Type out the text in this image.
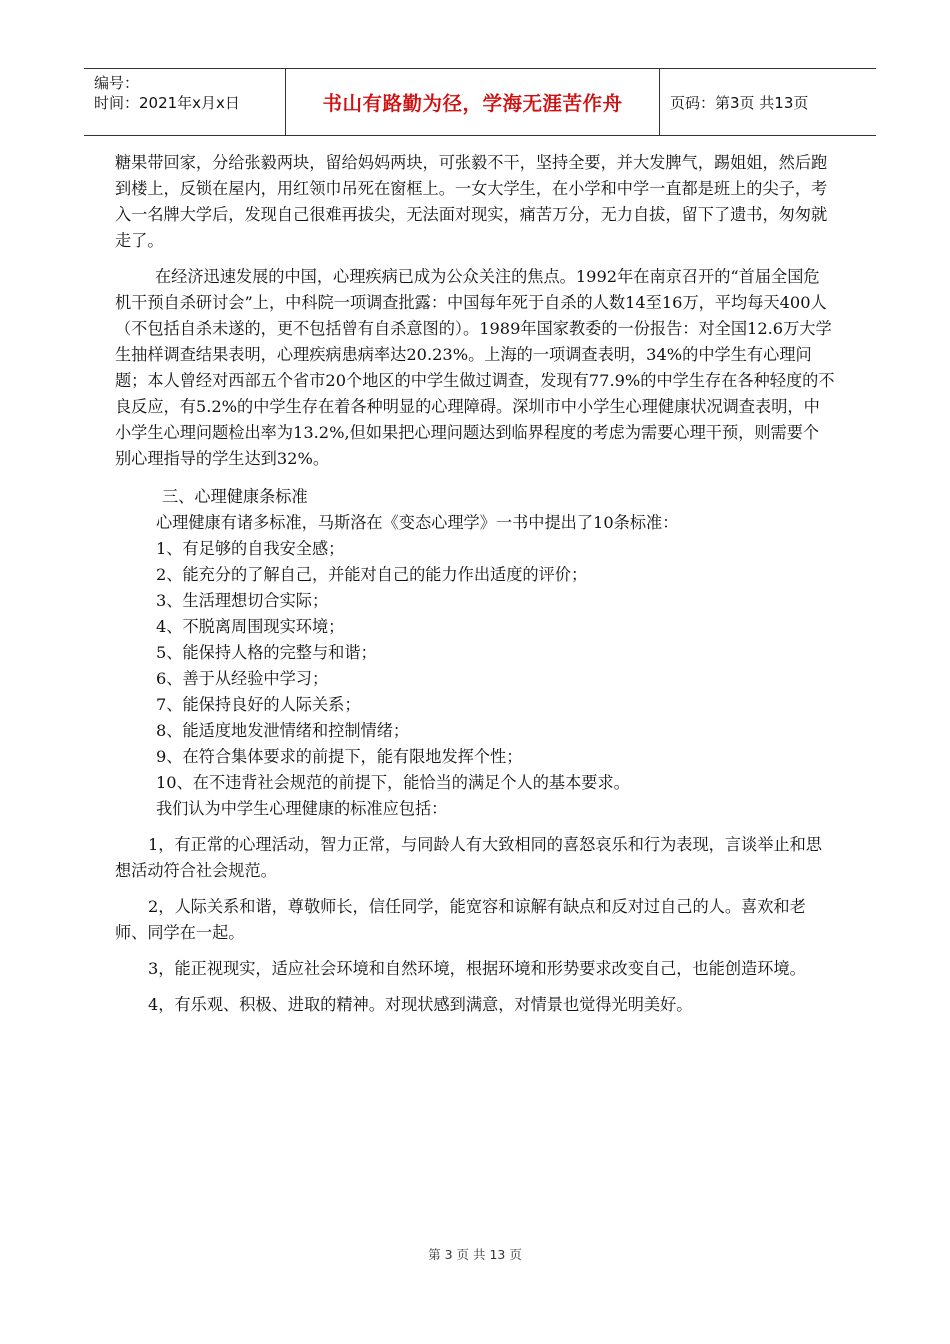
编号：
时间：2021年x月x日	书山有路勤为径，学海无涯苦作舟	页码：第3页 共13页

糖果带回家，分给张毅两块，留给妈妈两块，可张毅不干，坚持全要，并大发脾气，踢姐姐，然后跑到楼上，反锁在屋内，用红领巾吊死在窗框上。一女大学生，在小学和中学一直都是班上的尖子，考入一名牌大学后，发现自己很难再拔尖，无法面对现实，痛苦万分，无力自拔，留下了遗书，匆匆就走了。

在经济迅速发展的中国，心理疾病已成为公众关注的焦点。1992年在南京召开的“首届全国危机干预自杀研讨会”上，中科院一项调查批露：中国每年死于自杀的人数14至16万，平均每天400人（不包括自杀未遂的，更不包括曾有自杀意图的）。1989年国家教委的一份报告：对全国12.6万大学生抽样调查结果表明，心理疾病患病率达20.23%。上海的一项调查表明，34%的中学生有心理问题；本人曾经对西部五个省市20个地区的中学生做过调查，发现有77.9%的中学生存在各种轻度的不良反应，有5.2%的中学生存在着各种明显的心理障碍。深圳市中小学生心理健康状况调查表明，中小学生心理问题检出率为13.2%,但如果把心理问题达到临界程度的考虑为需要心理干预，则需要个别心理指导的学生达到32%。

三、心理健康条标准

心理健康有诸多标准，马斯洛在《变态心理学》一书中提出了10条标准：

1、有足够的自我安全感；

2、能充分的了解自己，并能对自己的能力作出适度的评价；

3、生活理想切合实际；

4、不脱离周围现实环境；

5、能保持人格的完整与和谐；

6、善于从经验中学习；

7、能保持良好的人际关系；

8、能适度地发泄情绪和控制情绪；

9、在符合集体要求的前提下，能有限地发挥个性；

10、在不违背社会规范的前提下，能恰当的满足个人的基本要求。

我们认为中学生心理健康的标准应包括：

1，有正常的心理活动，智力正常，与同龄人有大致相同的喜怒哀乐和行为表现，言谈举止和思想活动符合社会规范。

2，人际关系和谐，尊敬师长，信任同学，能宽容和谅解有缺点和反对过自己的人。喜欢和老师、同学在一起。

3，能正视现实，适应社会环境和自然环境，根据环境和形势要求改变自己，也能创造环境。

4，有乐观、积极、进取的精神。对现状感到满意，对情景也觉得光明美好。

第 3 页 共 13 页
